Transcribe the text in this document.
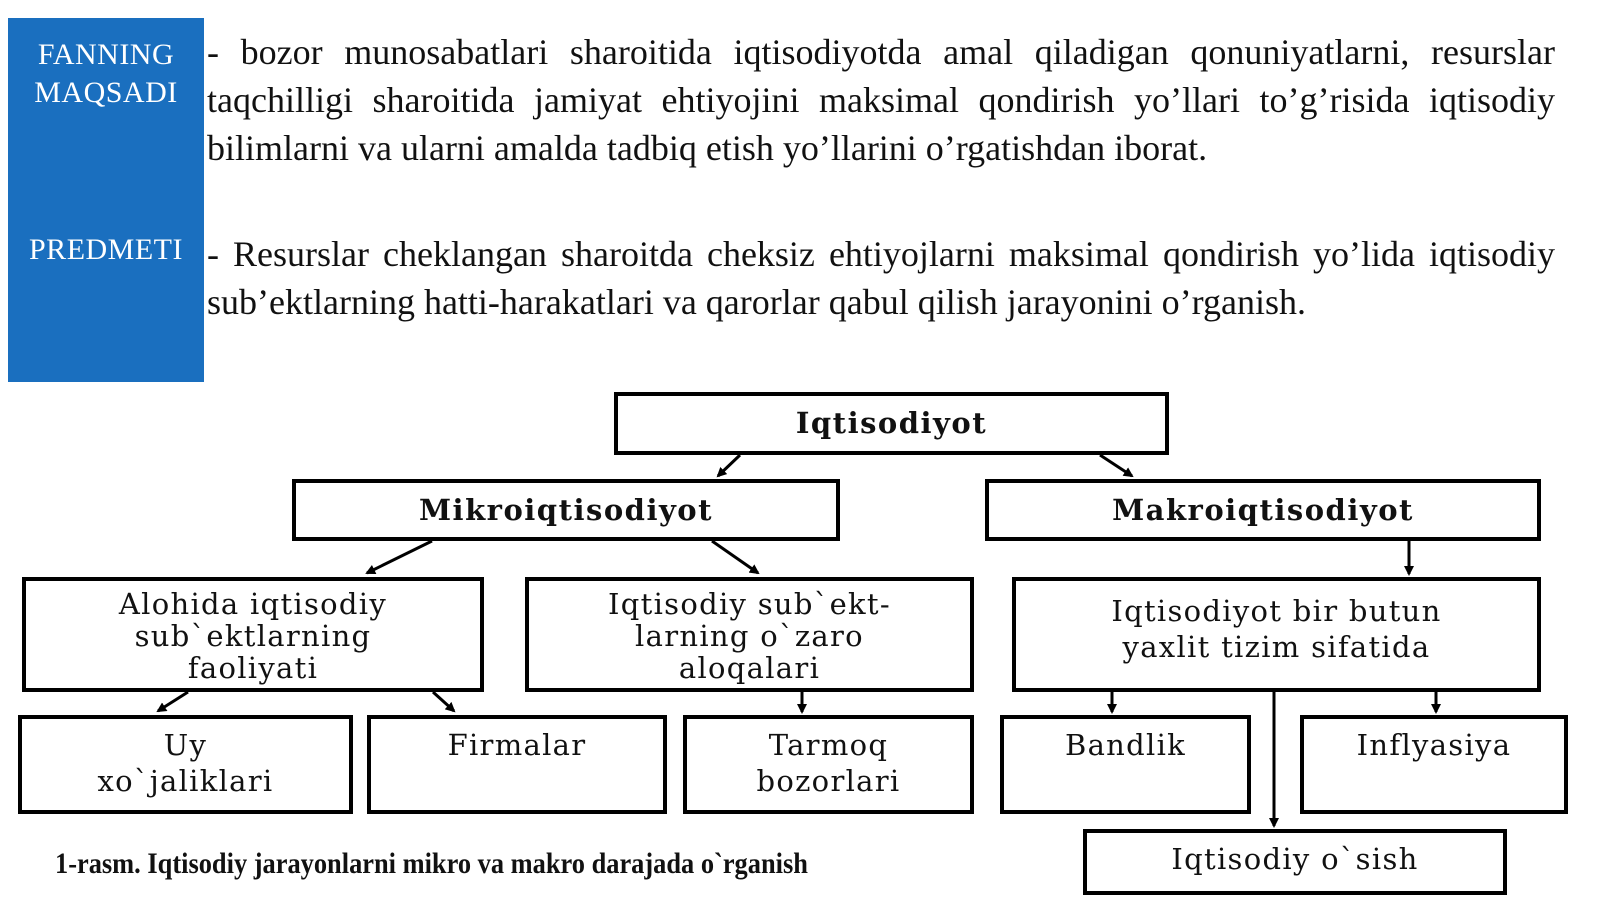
FANNING
MAQSADI
PREDMETI
- bozor munosabatlari sharoitida iqtisodiyotda amal qiladigan qonuniyatlarni, resurslar taqchilligi sharoitida jamiyat ehtiyojini maksimal qondirish yo’llari to’g’risida iqtisodiy bilimlarni va ularni amalda tadbiq etish yo’llarini o’rgatishdan iborat.
- Resurslar cheklangan sharoitda cheksiz ehtiyojlarni maksimal qondirish yo’lida iqtisodiy sub’ektlarning hatti-harakatlari va qarorlar qabul qilish jarayonini o’rganish.
Iqtisodiyot
Mikroiqtisodiyot	Makroiqtisodiyot
Alohida iqtisodiy
sub`ektlarning
faoliyati
Iqtisodiy sub`ekt-
larning o`zaro
aloqalari
Iqtisodiyot bir butun
yaxlit tizim sifatida
Uy
xo`jaliklari
Firmalar	Tarmoq
bozorlari
Bandlik	Inflyasiya
Iqtisodiy o`sish
1-rasm. Iqtisodiy jarayonlarni mikro va makro darajada o`rganish
